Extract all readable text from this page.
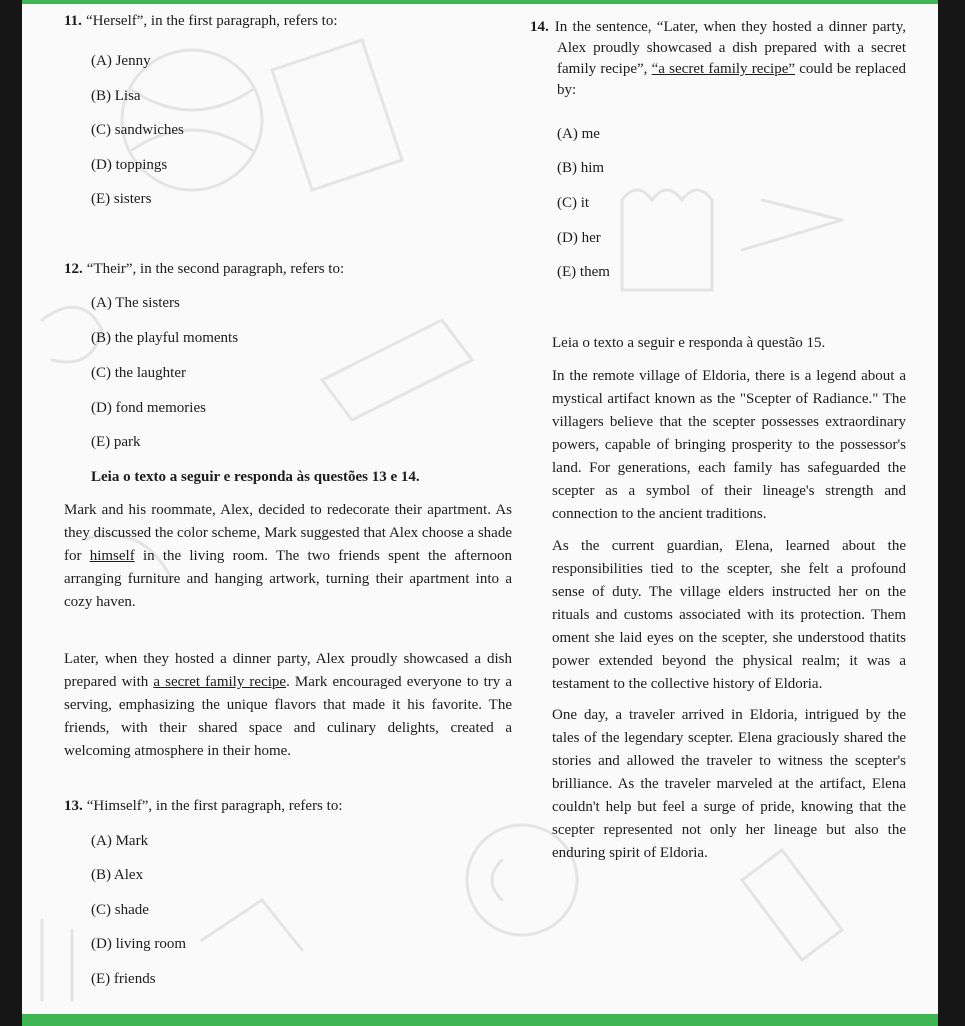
11. “Herself”, in the first paragraph, refers to:
(A) Jenny
(B) Lisa
(C) sandwiches
(D) toppings
(E) sisters
12. “Their”, in the second paragraph, refers to:
(A) The sisters
(B) the playful moments
(C) the laughter
(D) fond memories
(E) park
Leia o texto a seguir e responda às questões 13 e 14.

Mark and his roommate, Alex, decided to redecorate their apartment. As they discussed the color scheme, Mark suggested that Alex choose a shade for himself in the living room. The two friends spent the afternoon arranging furniture and hanging artwork, turning their apartment into a cozy haven.

Later, when they hosted a dinner party, Alex proudly showcased a dish prepared with a secret family recipe. Mark encouraged everyone to try a serving, emphasizing the unique flavors that made it his favorite. The friends, with their shared space and culinary delights, created a welcoming atmosphere in their home.

13. “Himself”, in the first paragraph, refers to:
(A) Mark
(B) Alex
(C) shade
(D) living room
(E) friends

14. In the sentence, “Later, when they hosted a dinner party, Alex proudly showcased a dish prepared with a secret family recipe”, “a secret family recipe” could be replaced by:

(A) me
(B) him
(C) it
(D) her
(E) them
Leia o texto a seguir e responda à questão 15.

In the remote village of Eldoria, there is a legend about a mystical artifact known as the "Scepter of Radiance." The villagers believe that the scepter possesses extraordinary powers, capable of bringing prosperity to the possessor's land. For generations, each family has safeguarded the scepter as a symbol of their lineage's strength and connection to the ancient traditions.

As the current guardian, Elena, learned about the responsibilities tied to the scepter, she felt a profound sense of duty. The village elders instructed her on the rituals and customs associated with its protection. Them oment she laid eyes on the scepter, she understood thatits power extended beyond the physical realm; it was a testament to the collective history of Eldoria.

One day, a traveler arrived in Eldoria, intrigued by the tales of the legendary scepter. Elena graciously shared the stories and allowed the traveler to witness the scepter's brilliance. As the traveler marveled at the artifact, Elena couldn't help but feel a surge of pride, knowing that the scepter represented not only her lineage but also the enduring spirit of Eldoria.
